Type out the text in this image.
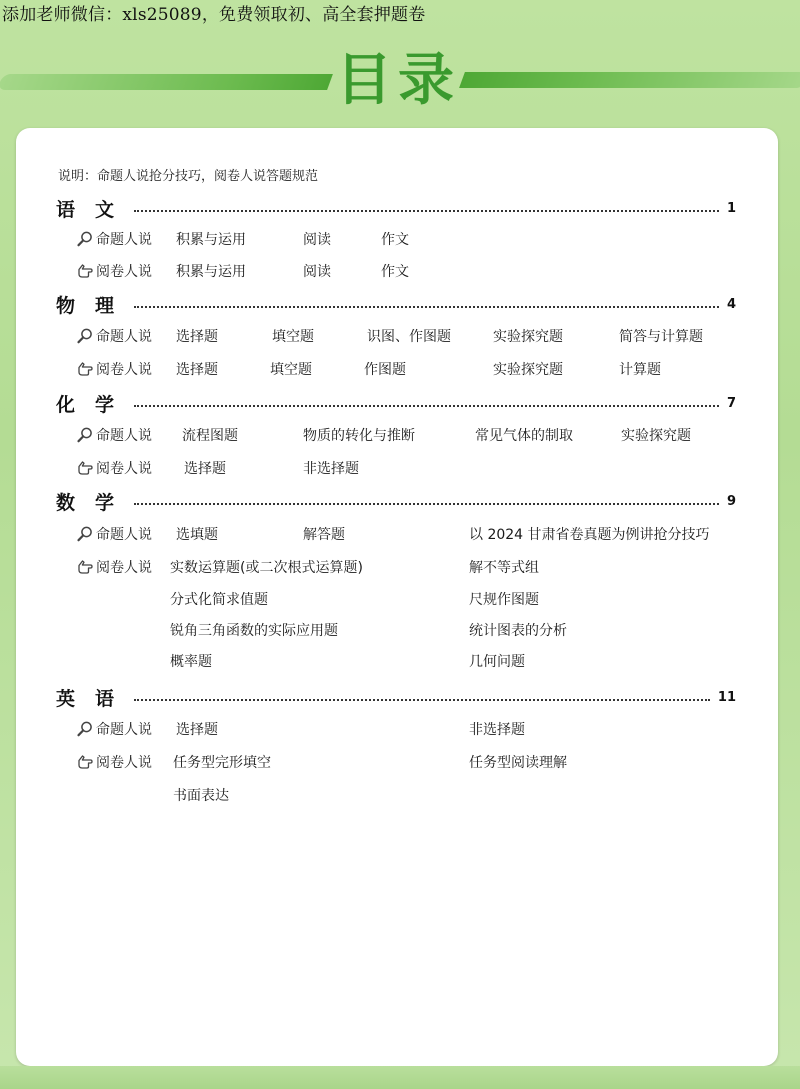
添加老师微信：xls25089，免费领取初、高全套押题卷
目录
说明：命题人说抢分技巧，阅卷人说答题规范
语文	1
命题人说 积累与运用	阅读	作文
阅卷人说 积累与运用	阅读	作文
物理	4
命题人说 选择题	填空题	识图、作图题	实验探究题	简答与计算题
阅卷人说 选择题	填空题	作图题	实验探究题	计算题
化学	7
命题人说 流程图题	物质的转化与推断	常见气体的制取	实验探究题
阅卷人说 选择题	非选择题
数学	9
命题人说 选填题	解答题	以 2024 甘肃省卷真题为例讲抢分技巧
阅卷人说 实数运算题(或二次根式运算题)	解不等式组
分式化简求值题	尺规作图题
锐角三角函数的实际应用题	统计图表的分析
概率题	几何问题
英语	11
命题人说 选择题	非选择题
阅卷人说 任务型完形填空	任务型阅读理解
书面表达
